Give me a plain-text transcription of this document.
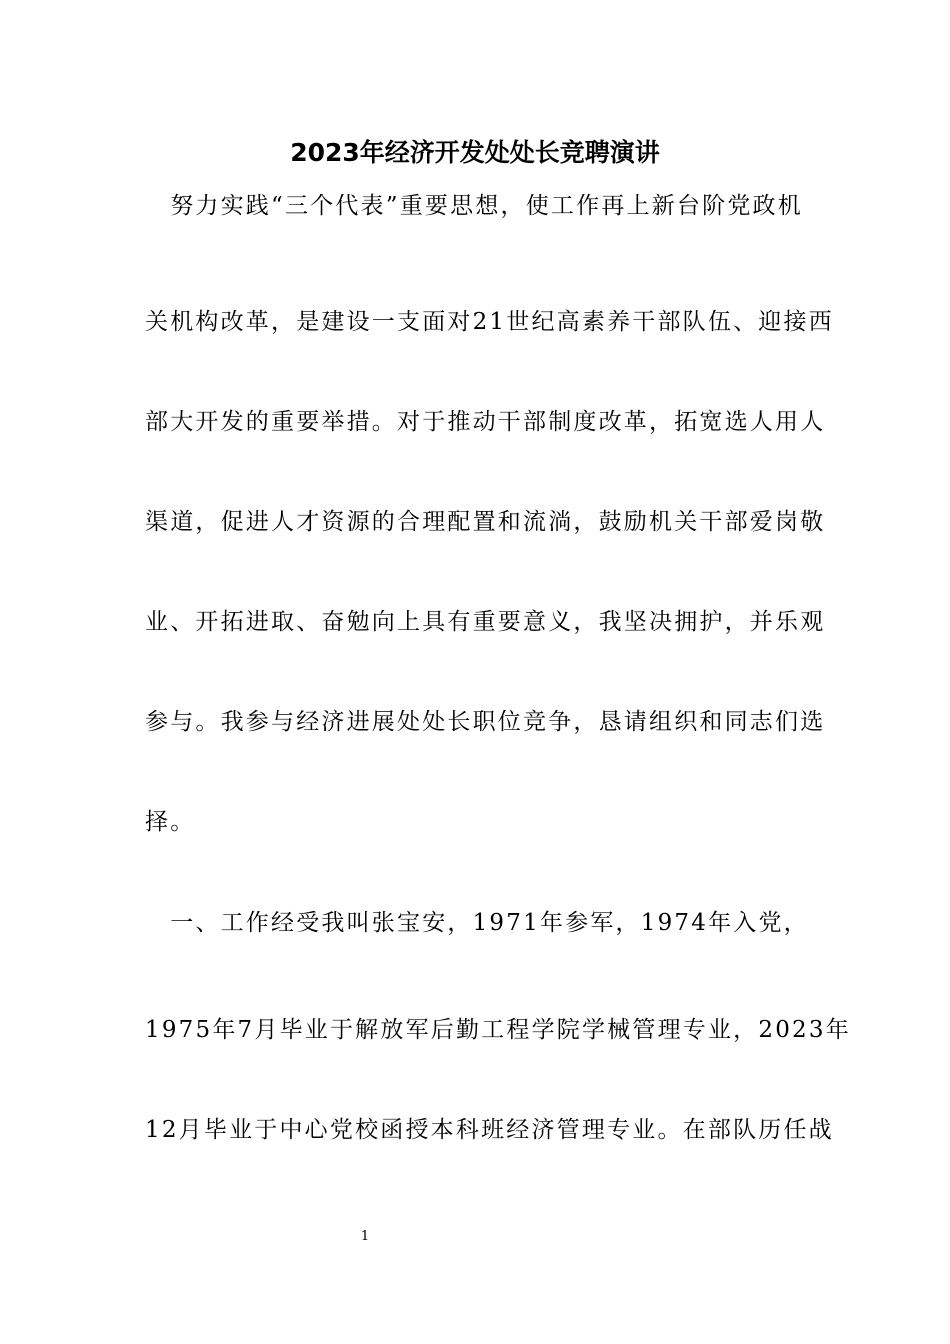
2023年经济开发处处长竞聘演讲

　努力实践“三个代表”重要思想，使工作再上新台阶党政机

关机构改革，是建设一支面对21世纪高素养干部队伍、迎接西

部大开发的重要举措。对于推动干部制度改革，拓宽选人用人

渠道，促进人才资源的合理配置和流淌，鼓励机关干部爱岗敬

业、开拓进取、奋勉向上具有重要意义，我坚决拥护，并乐观

参与。我参与经济进展处处长职位竞争，恳请组织和同志们选

择。

　一、工作经受我叫张宝安，1971年参军，1974年入党，

1975年7月毕业于解放军后勤工程学院学械管理专业，2023年

12月毕业于中心党校函授本科班经济管理专业。在部队历任战

1
